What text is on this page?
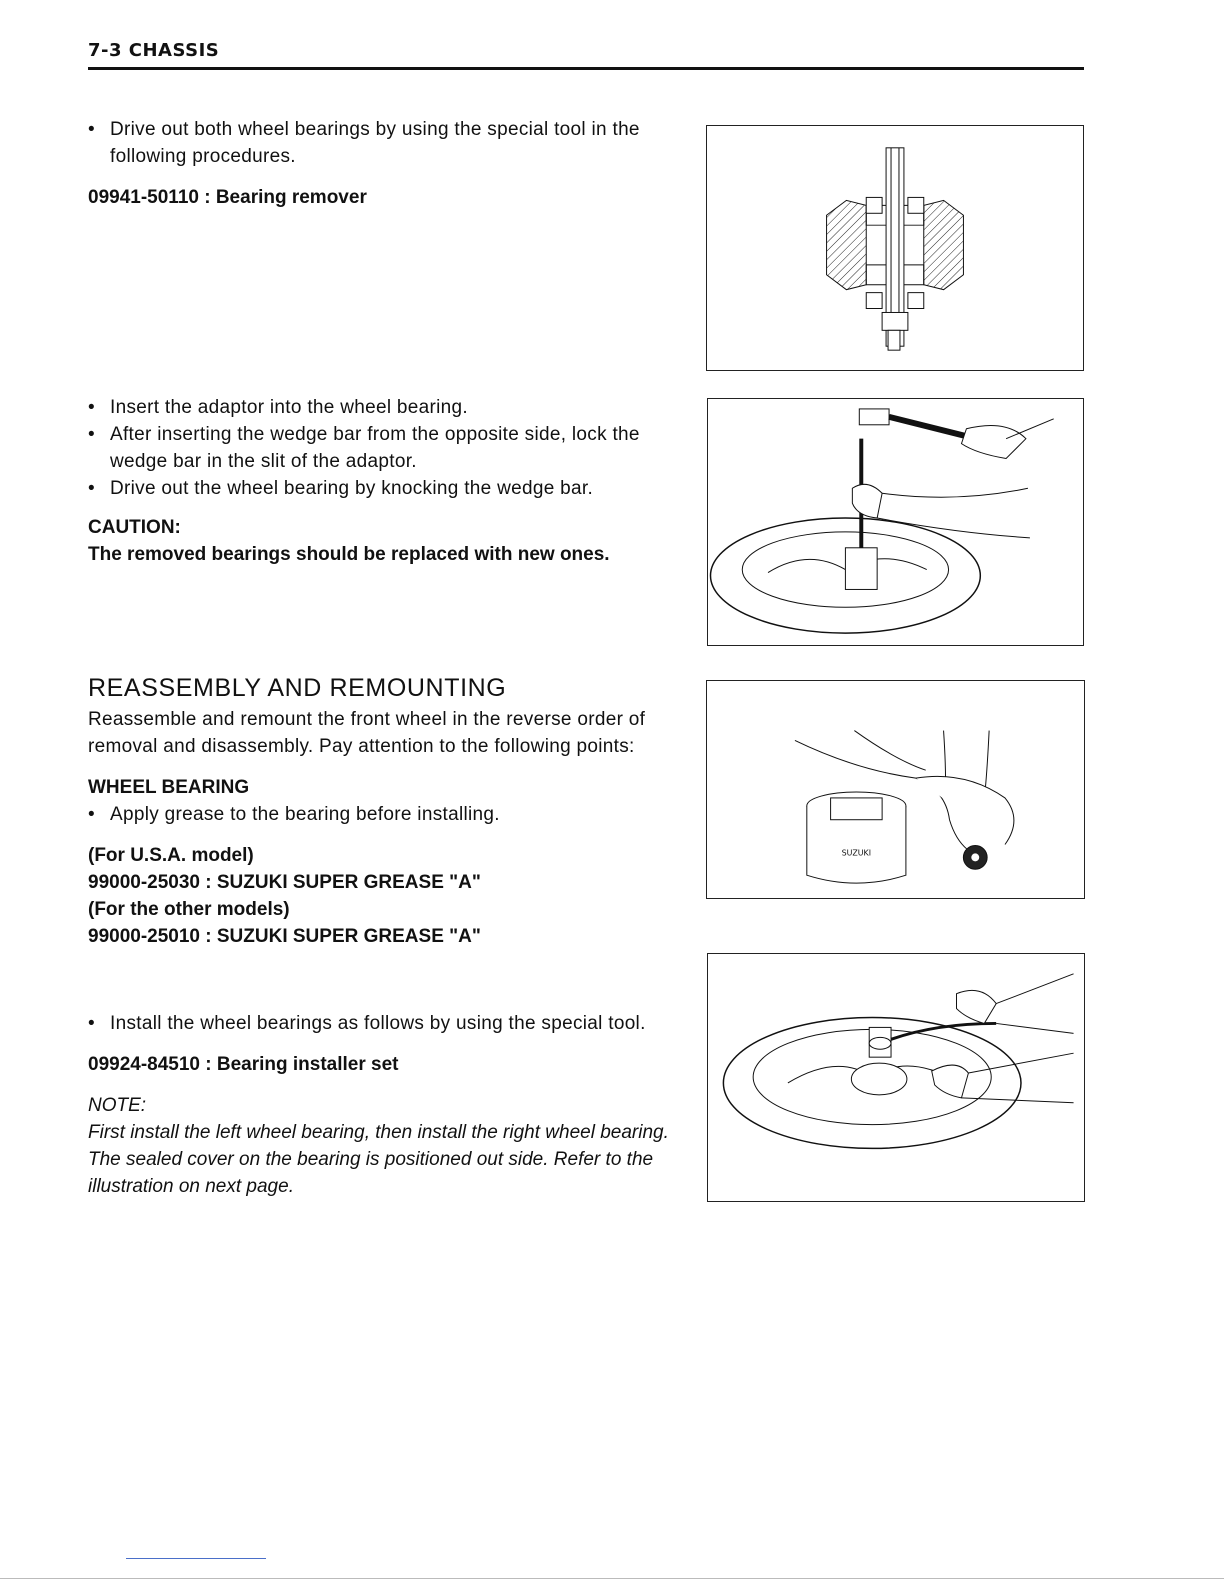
7-3 CHASSIS

• Drive out both wheel bearings by using the special tool in the following procedures.

09941-50110 : Bearing remover

• Insert the adaptor into the wheel bearing.

• After inserting the wedge bar from the opposite side, lock the wedge bar in the slit of the adaptor.

• Drive out the wheel bearing by knocking the wedge bar.

CAUTION:

The removed bearings should be replaced with new ones.

REASSEMBLY AND REMOUNTING

Reassemble and remount the front wheel in the reverse order of removal and disassembly. Pay attention to the following points:

WHEEL BEARING

• Apply grease to the bearing before installing.

(For U.S.A. model)

99000-25030 : SUZUKI SUPER GREASE "A"

(For the other models)

99000-25010 : SUZUKI SUPER GREASE "A"

• Install the wheel bearings as follows by using the special tool.

09924-84510 : Bearing installer set

NOTE:

First install the left wheel bearing, then install the right wheel bearing. The sealed cover on the bearing is positioned out side. Refer to the illustration on next page.

SUZUKI
